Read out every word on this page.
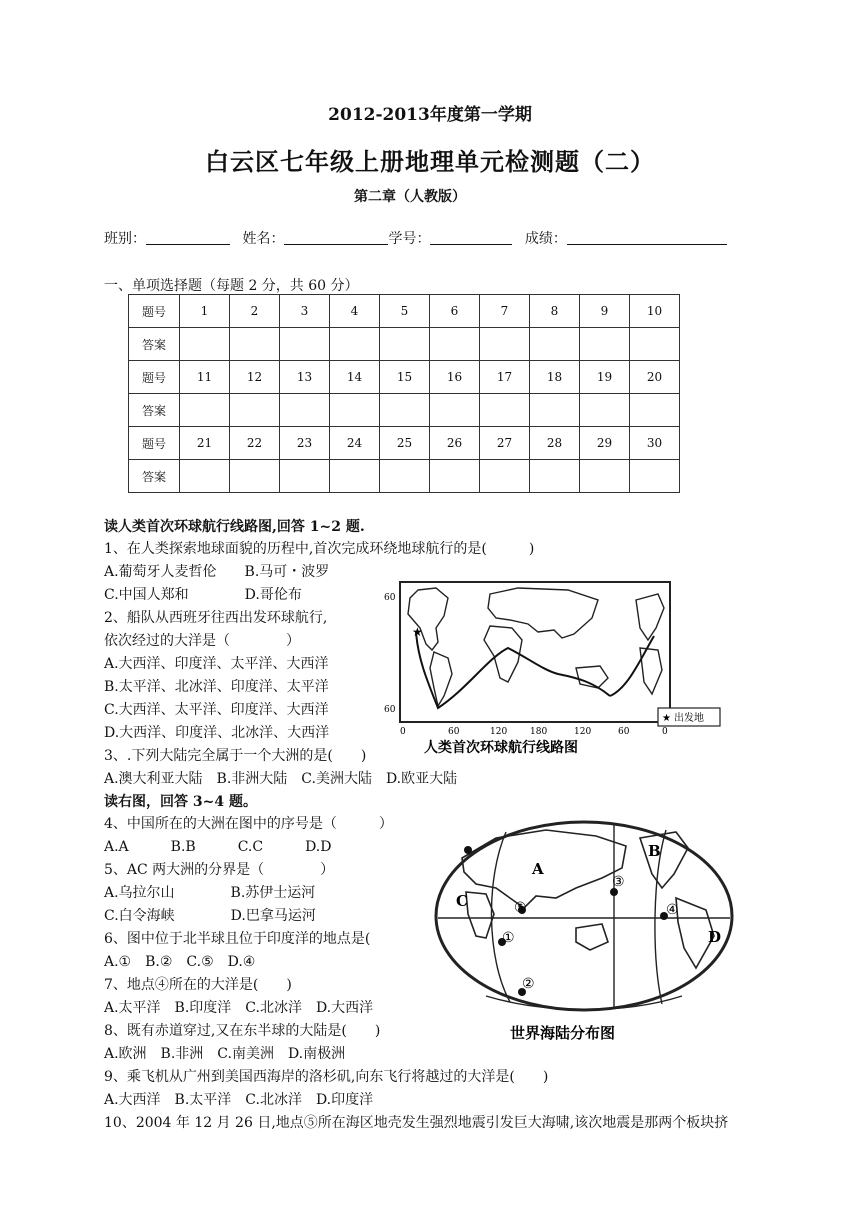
2012-2013年度第一学期
白云区七年级上册地理单元检测题（二）
第二章（人教版）
班别：	姓名：	学号：	成绩：
一、单项选择题（每题 2 分，共 60 分）
题号	1	2	3	4	5	6	7	8	9	10
答案										
题号	11	12	13	14	15	16	17	18	19	20
答案										
题号	21	22	23	24	25	26	27	28	29	30
答案										
读人类首次环球航行线路图,回答 1~2 题.
1、在人类探索地球面貌的历程中,首次完成环绕地球航行的是(　　　)
A.葡萄牙人麦哲伦　　B.马可・波罗
C.中国人郑和　　　　D.哥伦布
2、船队从西班牙往西出发环球航行,
依次经过的大洋是（　　　　）
A.大西洋、印度洋、太平洋、大西洋
B.太平洋、北冰洋、印度洋、太平洋
C.大西洋、太平洋、印度洋、大西洋
D.大西洋、印度洋、北冰洋、大西洋
3、.下列大陆完全属于一个大洲的是(　　)
A.澳大利亚大陆　B.非洲大陆　C.美洲大陆　D.欧亚大陆
读右图，回答 3~4 题。
4、中国所在的大洲在图中的序号是（　　　）
A.A　　　B.B　　　C.C　　　D.D
5、AC 两大洲的分界是（　　　　）
A.乌拉尔山　　　　B.苏伊士运河
C.白令海峡　　　　D.巴拿马运河
6、图中位于北半球且位于印度洋的地点是(
A.①　B.②　C.⑤　D.④
7、地点④所在的大洋是(　　)
A.太平洋　B.印度洋　C.北冰洋　D.大西洋
8、既有赤道穿过,又在东半球的大陆是(　　)
A.欧洲　B.非洲　C.南美洲　D.南极洲
9、乘飞机从广州到美国西海岸的洛杉矶,向东飞行将越过的大洋是(　　)
A.大西洋　B.太平洋　C.北冰洋　D.印度洋
10、2004 年 12 月 26 日,地点⑤所在海区地壳发生强烈地震引发巨大海啸,该次地震是那两个板块挤
★
60
60
0	60	120	180	120	60	0
★ 出发地
人类首次环球航行线路图
①
②
③
④
⑤
A
B
C
D
世界海陆分布图
